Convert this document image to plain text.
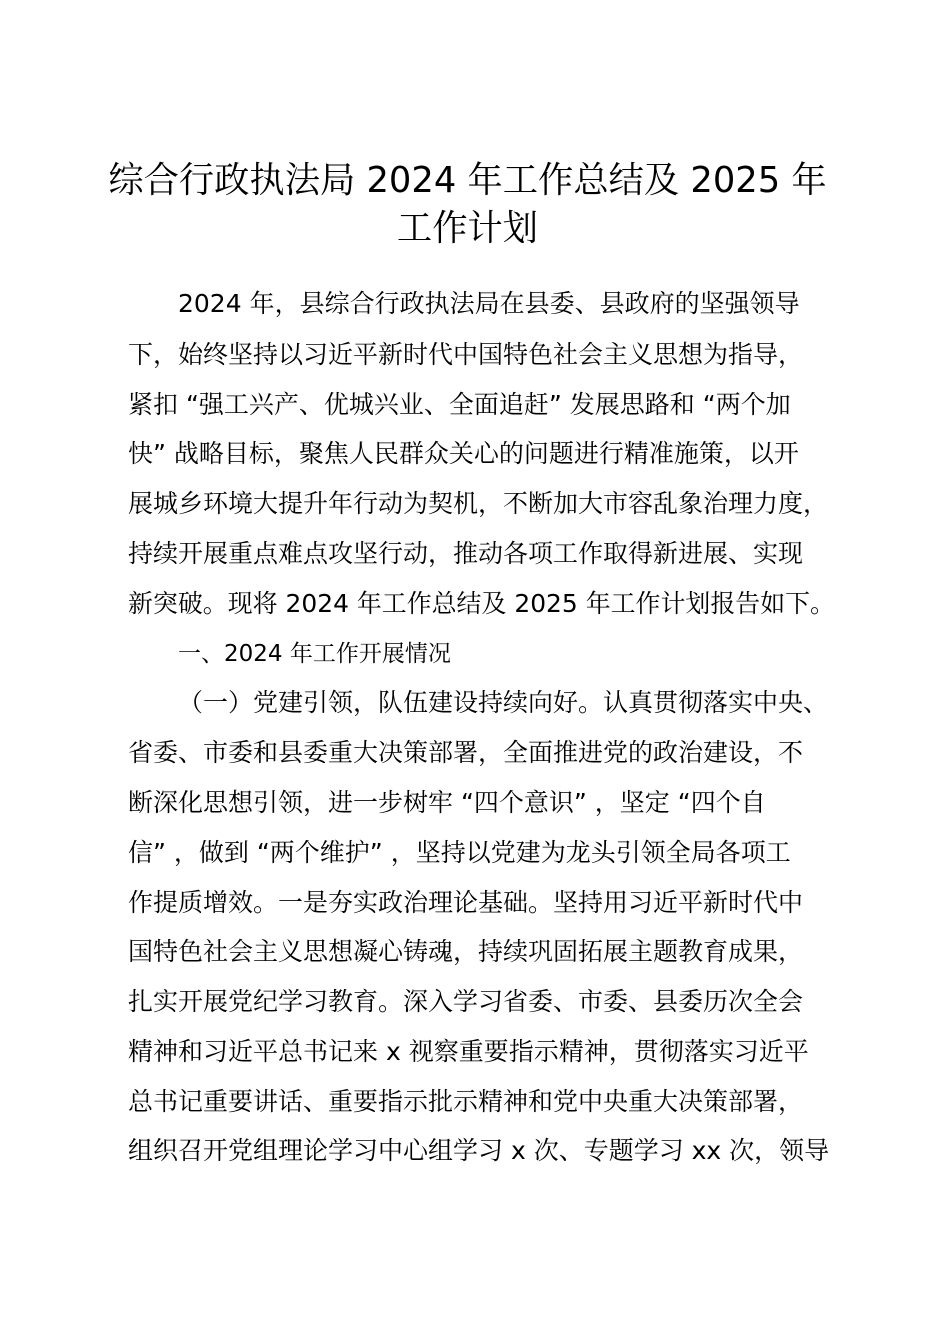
综合行政执法局 2024 年工作总结及 2025 年
工作计划
2024 年，县综合行政执法局在县委、县政府的坚强领导
下，始终坚持以习近平新时代中国特色社会主义思想为指导，
紧扣 “强工兴产、优城兴业、全面追赶” 发展思路和 “两个加
快” 战略目标，聚焦人民群众关心的问题进行精准施策，以开
展城乡环境大提升年行动为契机，不断加大市容乱象治理力度，
持续开展重点难点攻坚行动，推动各项工作取得新进展、实现
新突破。现将 2024 年工作总结及 2025 年工作计划报告如下。
一、2024 年工作开展情况
（一）党建引领，队伍建设持续向好。认真贯彻落实中央、
省委、市委和县委重大决策部署，全面推进党的政治建设，不
断深化思想引领，进一步树牢 “四个意识” ，坚定 “四个自
信” ，做到 “两个维护” ，坚持以党建为龙头引领全局各项工
作提质增效。一是夯实政治理论基础。坚持用习近平新时代中
国特色社会主义思想凝心铸魂，持续巩固拓展主题教育成果，
扎实开展党纪学习教育。深入学习省委、市委、县委历次全会
精神和习近平总书记来 x 视察重要指示精神，贯彻落实习近平
总书记重要讲话、重要指示批示精神和党中央重大决策部署，
组织召开党组理论学习中心组学习 x 次、专题学习 xx 次，领导
